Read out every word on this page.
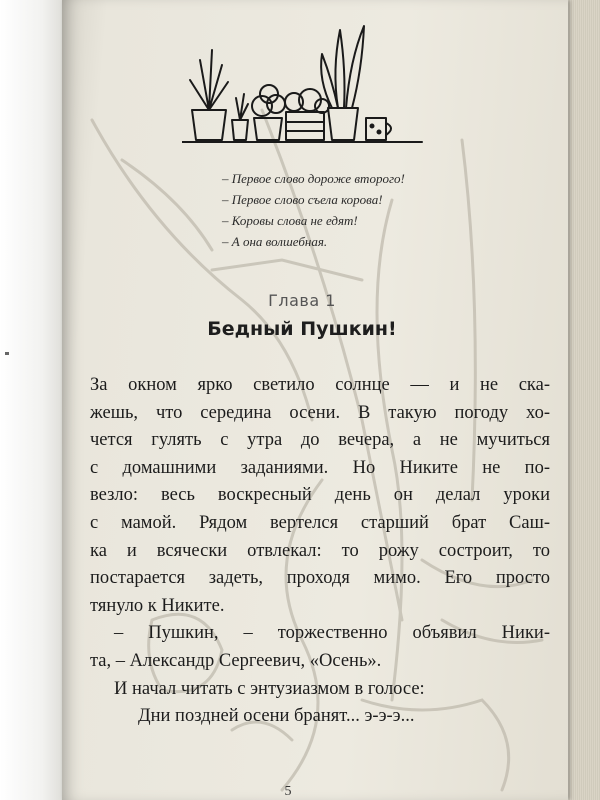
– Первое слово дороже второго!
– Первое слово съела корова!
– Коровы слова не едят!
– А она волшебная.
Глава 1
Бедный Пушкин!
За окном ярко светило солнце — и не ска-
жешь, что середина осени. В такую погоду хо-
чется гулять с утра до вечера, а не мучиться
с домашними заданиями. Но Никите не по-
везло: весь воскресный день он делал уроки
с мамой. Рядом вертелся старший брат Саш-
ка и всячески отвлекал: то рожу состроит, то
постарается задеть, проходя мимо. Его просто
тянуло к Никите.
– Пушкин, – торжественно объявил Ники-
та, – Александр Сергеевич, «Осень».
И начал читать с энтузиазмом в голосе:
Дни поздней осени бранят... э-э-э...
5
